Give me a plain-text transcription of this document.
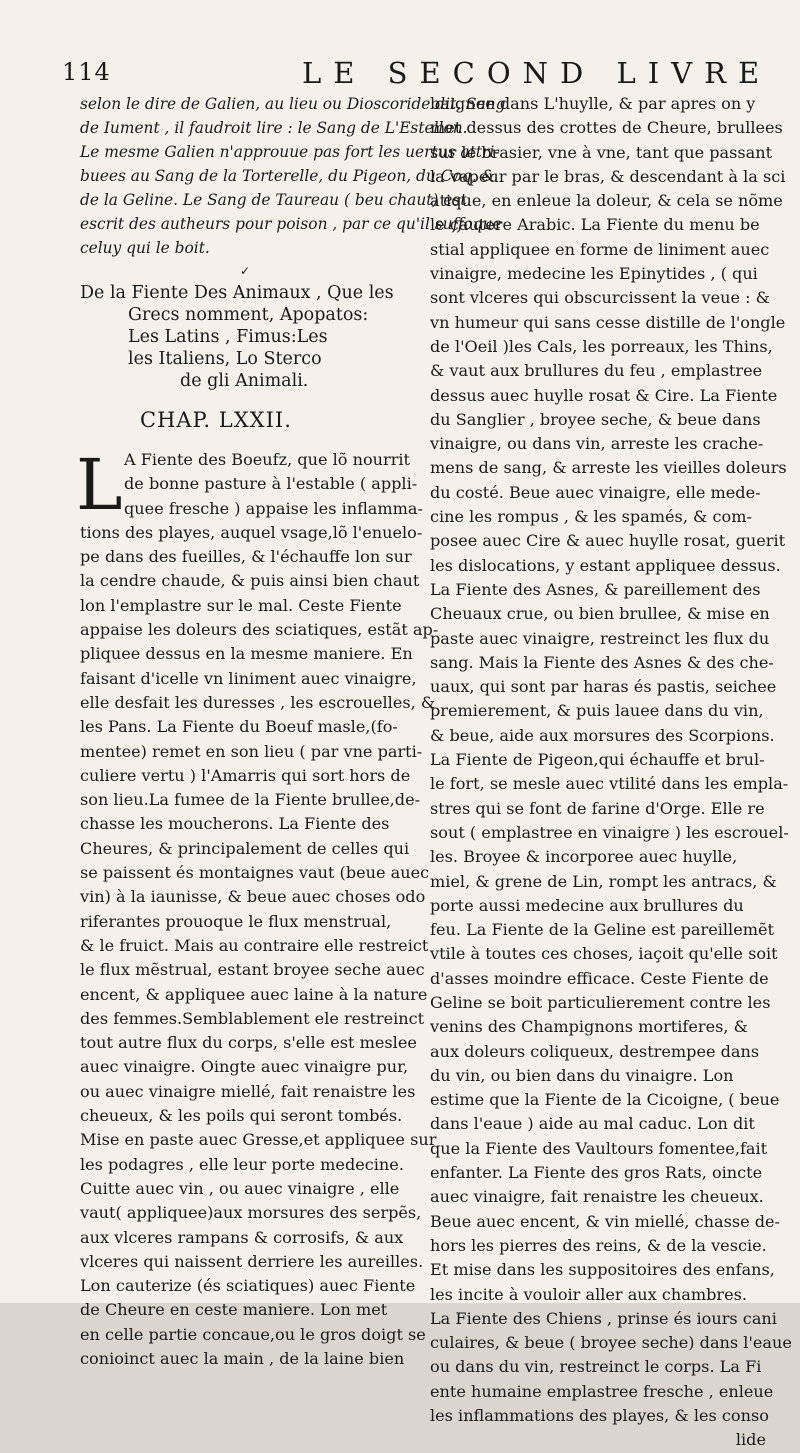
114	LE SECOND LIVRE
selon le dire de Galien, au lieu ou Dioscoride dit, Sang
de Iument , il faudroit lire : le Sang de L'Estellon.
Le mesme Galien n'approuue pas fort les uertus attri-
buees au Sang de la Torterelle, du Pigeon, du Coq, &
de la Geline. Le Sang de Taureau ( beu chaut) est
escrit des autheurs pour poison , par ce qu'il suffoque
celuy qui le boit.
✓
De la Fiente Des Animaux , Que les
Grecs nomment, Apopatos:
Les Latins , Fimus:Les
les Italiens, Lo Sterco
de gli Animali.
CHAP. LXXII.
L A Fiente des Boeufz, que lõ nourrit
de bonne pasture à l'estable ( appli-
quee fresche ) appaise les inflamma-
tions des playes, auquel vsage,lõ l'enuelo-
pe dans des fueilles, & l'échauffe lon sur
la cendre chaude, & puis ainsi bien chaut
lon l'emplastre sur le mal. Ceste Fiente
appaise les doleurs des sciatiques, estãt ap-
pliquee dessus en la mesme maniere. En
faisant d'icelle vn liniment auec vinaigre,
elle desfait les duresses , les escrouelles, &
les Pans. La Fiente du Boeuf masle,(fo-
mentee) remet en son lieu ( par vne parti-
culiere vertu ) l'Amarris qui sort hors de
son lieu.La fumee de la Fiente brullee,de-
chasse les moucherons. La Fiente des
Cheures, & principalement de celles qui
se paissent és montaignes vaut (beue auec
vin) à la iaunisse, & beue auec choses odo
riferantes prouoque le flux menstrual,
& le fruict. Mais au contraire elle restreict
le flux mẽstrual, estant broyee seche auec
encent, & appliquee auec laine à la nature
des femmes.Semblablement ele restreinct
tout autre flux du corps, s'elle est meslee
auec vinaigre. Oingte auec vinaigre pur,
ou auec vinaigre miellé, fait renaistre les
cheueux, & les poils qui seront tombés.
Mise en paste auec Gresse,et appliquee sur
les podagres , elle leur porte medecine.
Cuitte auec vin , ou auec vinaigre , elle
vaut( appliquee)aux morsures des serpẽs,
aux vlceres rampans & corrosifs, & aux
vlceres qui naissent derriere les aureilles.
Lon cauterize (és sciatiques) auec Fiente
de Cheure en ceste maniere. Lon met
en celle partie concaue,ou le gros doigt se
conioinct auec la main , de la laine bien
baignee dans L'huylle, & par apres on y
met dessus des crottes de Cheure, brullees
sur le brasier, vne à vne, tant que passant
la vapeur par le bras, & descendant à la sci
atique, en enleue la doleur, & cela se nõme
le cautere Arabic. La Fiente du menu be
stial appliquee en forme de liniment auec
vinaigre, medecine les Epinytides , ( qui
sont vlceres qui obscurcissent la veue : &
vn humeur qui sans cesse distille de l'ongle
de l'Oeil )les Cals, les porreaux, les Thins,
& vaut aux brullures du feu , emplastree
dessus auec huylle rosat & Cire. La Fiente
du Sanglier , broyee seche, & beue dans
vinaigre, ou dans vin, arreste les crache-
mens de sang, & arreste les vieilles doleurs
du costé. Beue auec vinaigre, elle mede-
cine les rompus , & les spamés, & com-
posee auec Cire & auec huylle rosat, guerit
les dislocations, y estant appliquee dessus.
La Fiente des Asnes, & pareillement des
Cheuaux crue, ou bien brullee, & mise en
paste auec vinaigre, restreinct les flux du
sang. Mais la Fiente des Asnes & des che-
uaux, qui sont par haras és pastis, seichee
premierement, & puis lauee dans du vin,
& beue, aide aux morsures des Scorpions.
La Fiente de Pigeon,qui échauffe et brul-
le fort, se mesle auec vtilité dans les empla-
stres qui se font de farine d'Orge. Elle re
sout ( emplastree en vinaigre ) les escrouel-
les. Broyee & incorporee auec huylle,
miel, & grene de Lin, rompt les antracs, &
porte aussi medecine aux brullures du
feu. La Fiente de la Geline est pareillemẽt
vtile à toutes ces choses, iaçoit qu'elle soit
d'asses moindre efficace. Ceste Fiente de
Geline se boit particulierement contre les
venins des Champignons mortiferes, &
aux doleurs coliqueux, destrempee dans
du vin, ou bien dans du vinaigre. Lon
estime que la Fiente de la Cicoigne, ( beue
dans l'eaue ) aide au mal caduc. Lon dit
que la Fiente des Vaultours fomentee,fait
enfanter. La Fiente des gros Rats, oincte
auec vinaigre, fait renaistre les cheueux.
Beue auec encent, & vin miellé, chasse de-
hors les pierres des reins, & de la vescie.
Et mise dans les suppositoires des enfans,
les incite à vouloir aller aux chambres.
La Fiente des Chiens , prinse és iours cani
culaires, & beue ( broyee seche) dans l'eaue
ou dans du vin, restreinct le corps. La Fi
ente humaine emplastree fresche , enleue
les inflammations des playes, & les conso
lide
